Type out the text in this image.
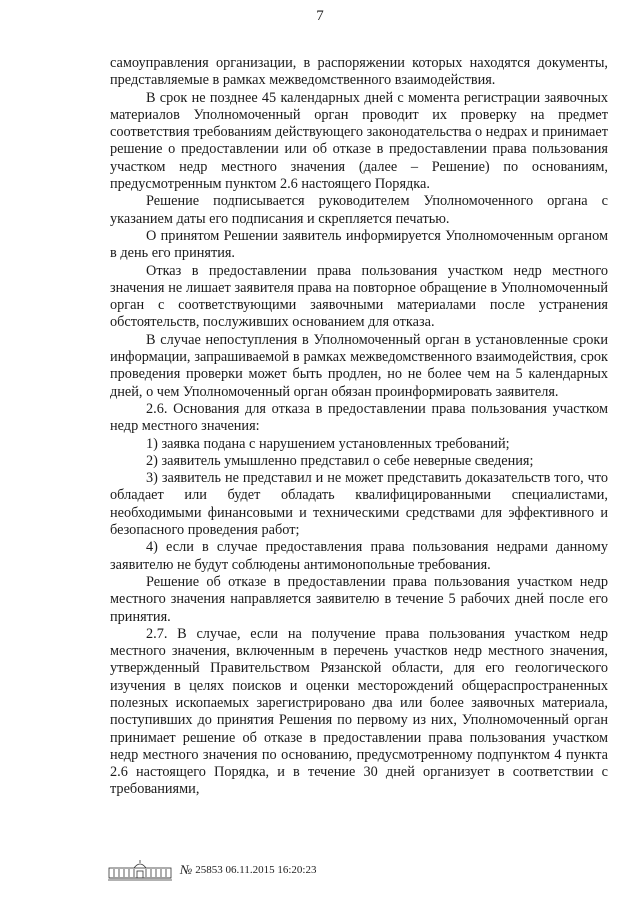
7

самоуправления организации, в распоряжении которых находятся документы, представляемые в рамках межведомственного взаимодействия.

В срок не позднее 45 календарных дней с момента регистрации заявочных материалов Уполномоченный орган проводит их проверку на предмет соответствия требованиям действующего законодательства о недрах и принимает решение о предоставлении или об отказе в предоставлении права пользования участком недр местного значения (далее – Решение) по основаниям, предусмотренным пунктом 2.6 настоящего Порядка.

Решение подписывается руководителем Уполномоченного органа с указанием даты его подписания и скрепляется печатью.

О принятом Решении заявитель информируется Уполномоченным органом в день его принятия.

Отказ в предоставлении права пользования участком недр местного значения не лишает заявителя права на повторное обращение в Уполномоченный орган с соответствующими заявочными материалами после устранения обстоятельств, послуживших основанием для отказа.

В случае непоступления в Уполномоченный орган в установленные сроки информации, запрашиваемой в рамках межведомственного взаимодействия, срок проведения проверки может быть продлен, но не более чем на 5 календарных дней, о чем Уполномоченный орган обязан проинформировать заявителя.

2.6. Основания для отказа в предоставлении права пользования участком недр местного значения:

1) заявка подана с нарушением установленных требований;

2) заявитель умышленно представил о себе неверные сведения;

3) заявитель не представил и не может представить доказательств того, что обладает или будет обладать квалифицированными специалистами, необходимыми финансовыми и техническими средствами для эффективного и безопасного проведения работ;

4) если в случае предоставления права пользования недрами данному заявителю не будут соблюдены антимонопольные требования.

Решение об отказе в предоставлении права пользования участком недр местного значения направляется заявителю в течение 5 рабочих дней после его принятия.

2.7. В случае, если на получение права пользования участком недр местного значения, включенным в перечень участков недр местного значения, утвержденный Правительством Рязанской области, для его геологического изучения в целях поисков и оценки месторождений общераспространенных полезных ископаемых зарегистрировано два или более заявочных материала, поступивших до принятия Решения по первому из них, Уполномоченный орган принимает решение об отказе в предоставлении права пользования участком недр местного значения по основанию, предусмотренному подпунктом 4 пункта 2.6 настоящего Порядка, и в течение 30 дней организует в соответствии с требованиями,

№ 25853 06.11.2015 16:20:23
